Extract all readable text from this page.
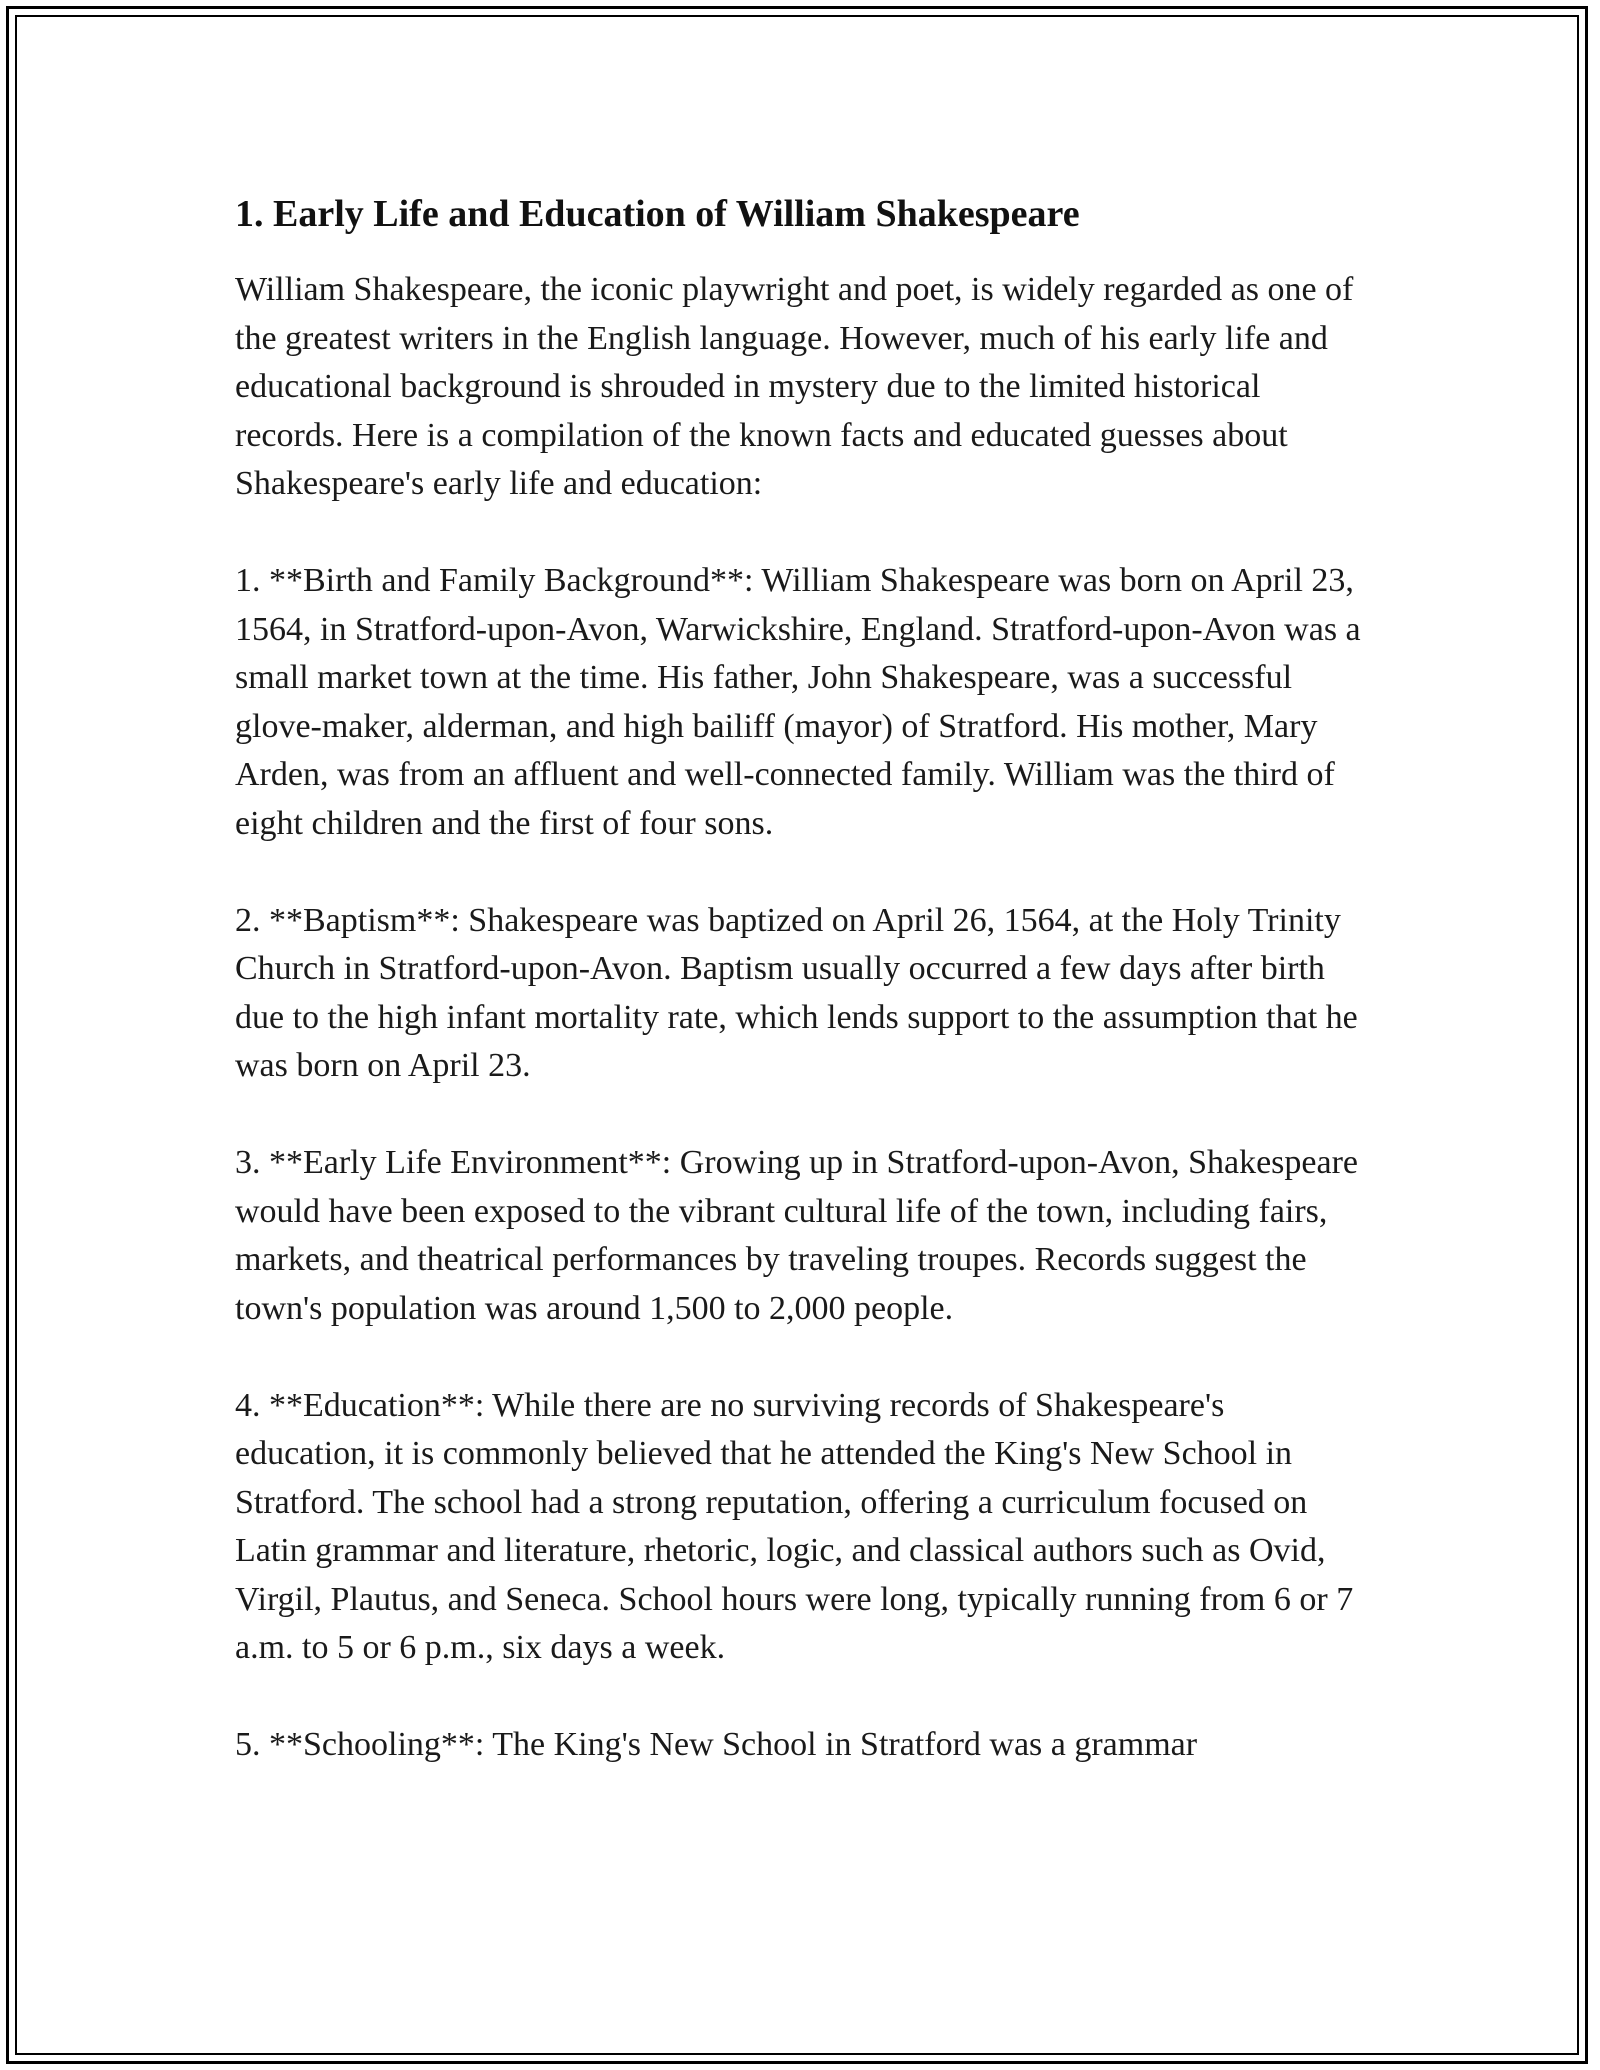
1. Early Life and Education of William Shakespeare

William Shakespeare, the iconic playwright and poet, is widely regarded as one of the greatest writers in the English language. However, much of his early life and educational background is shrouded in mystery due to the limited historical records. Here is a compilation of the known facts and educated guesses about Shakespeare's early life and education:

1. **Birth and Family Background**: William Shakespeare was born on April 23, 1564, in Stratford-upon-Avon, Warwickshire, England. Stratford-upon-Avon was a small market town at the time. His father, John Shakespeare, was a successful glove-maker, alderman, and high bailiff (mayor) of Stratford. His mother, Mary Arden, was from an affluent and well-connected family. William was the third of eight children and the first of four sons.

2. **Baptism**: Shakespeare was baptized on April 26, 1564, at the Holy Trinity Church in Stratford-upon-Avon. Baptism usually occurred a few days after birth due to the high infant mortality rate, which lends support to the assumption that he was born on April 23.

3. **Early Life Environment**: Growing up in Stratford-upon-Avon, Shakespeare would have been exposed to the vibrant cultural life of the town, including fairs, markets, and theatrical performances by traveling troupes. Records suggest the town's population was around 1,500 to 2,000 people.

4. **Education**: While there are no surviving records of Shakespeare's education, it is commonly believed that he attended the King's New School in Stratford. The school had a strong reputation, offering a curriculum focused on Latin grammar and literature, rhetoric, logic, and classical authors such as Ovid, Virgil, Plautus, and Seneca. School hours were long, typically running from 6 or 7 a.m. to 5 or 6 p.m., six days a week.

5. **Schooling**: The King's New School in Stratford was a grammar
